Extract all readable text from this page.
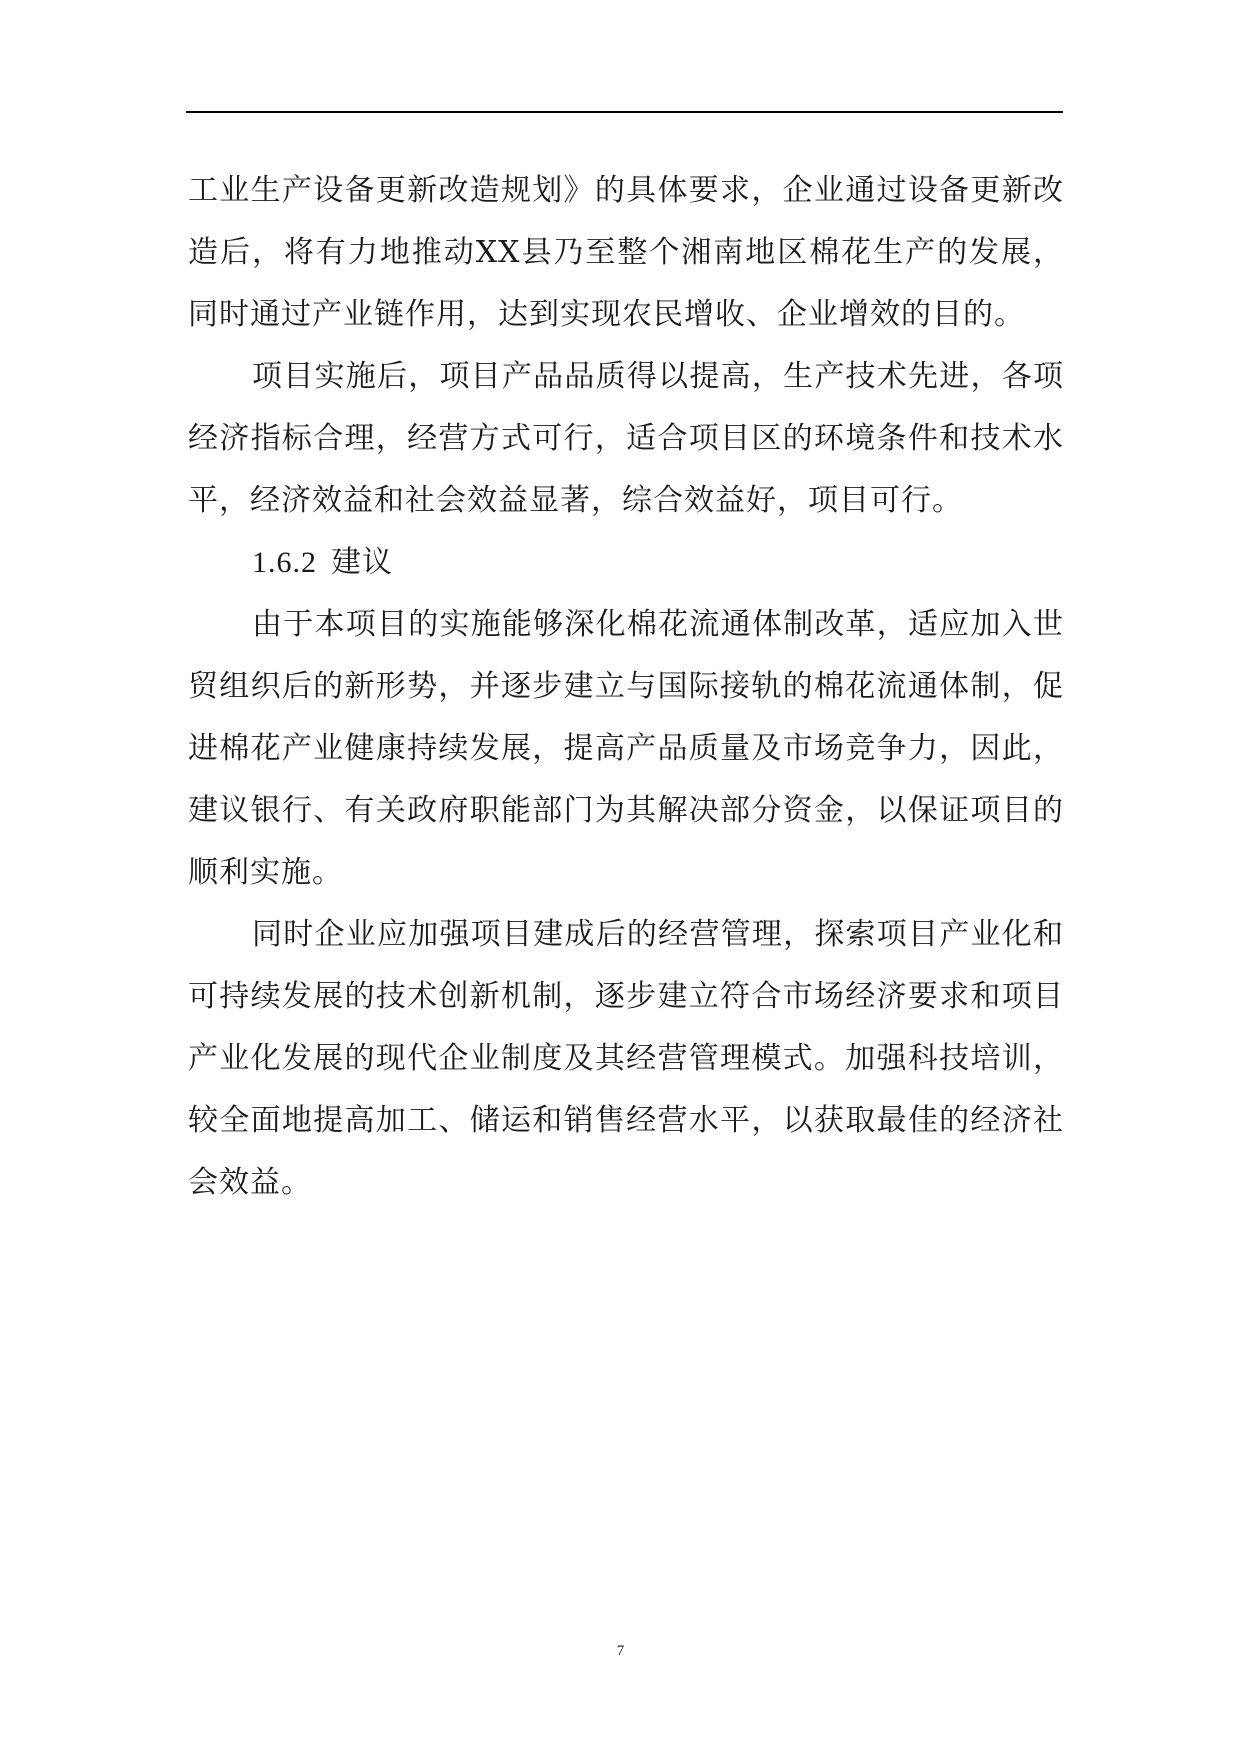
工业生产设备更新改造规划》的具体要求，企业通过设备更新改造后，将有力地推动XX县乃至整个湘南地区棉花生产的发展，同时通过产业链作用，达到实现农民增收、企业增效的目的。

项目实施后，项目产品品质得以提高，生产技术先进，各项经济指标合理，经营方式可行，适合项目区的环境条件和技术水平，经济效益和社会效益显著，综合效益好，项目可行。

1.6.2 建议

由于本项目的实施能够深化棉花流通体制改革，适应加入世贸组织后的新形势，并逐步建立与国际接轨的棉花流通体制，促进棉花产业健康持续发展，提高产品质量及市场竞争力，因此，建议银行、有关政府职能部门为其解决部分资金，以保证项目的顺利实施。

同时企业应加强项目建成后的经营管理，探索项目产业化和可持续发展的技术创新机制，逐步建立符合市场经济要求和项目产业化发展的现代企业制度及其经营管理模式。加强科技培训，较全面地提高加工、储运和销售经营水平，以获取最佳的经济社会效益。

7
